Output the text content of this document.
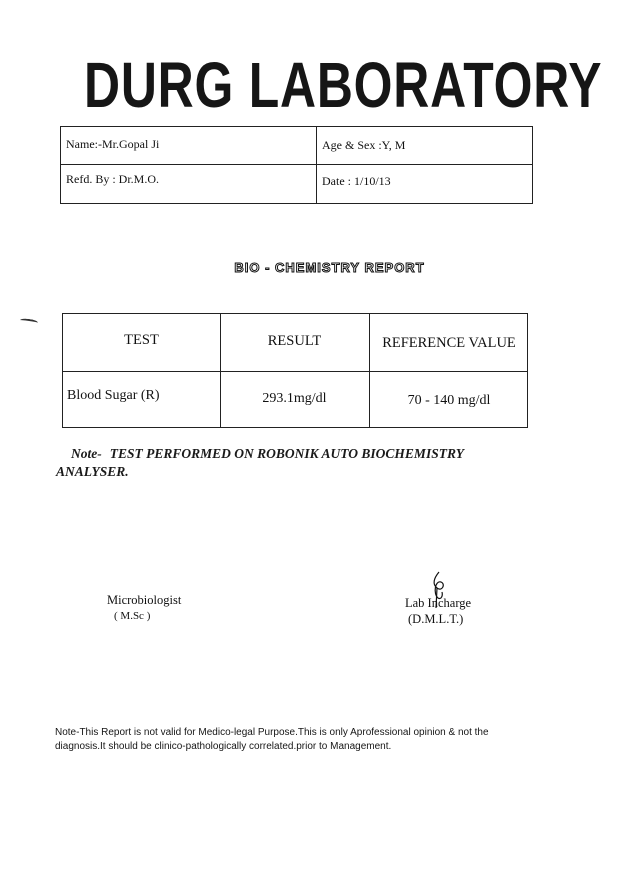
DURG LABORATORY
Name:-Mr.Gopal Ji	Age & Sex :Y, M
Refd. By : Dr.M.O.	Date : 1/10/13
BIO - CHEMISTRY REPORT
TEST	RESULT	REFERENCE VALUE
Blood Sugar (R)	293.1mg/dl	70 - 140 mg/dl
Note- TEST PERFORMED ON ROBONIK AUTO BIOCHEMISTRY ANALYSER.
Microbiologist
( M.Sc )
Lab Incharge
(D.M.L.T.)
Note-This Report is not valid for Medico-legal Purpose.This is only Aprofessional opinion & not the diagnosis.It should be clinico-pathologically correlated.prior to Management.
